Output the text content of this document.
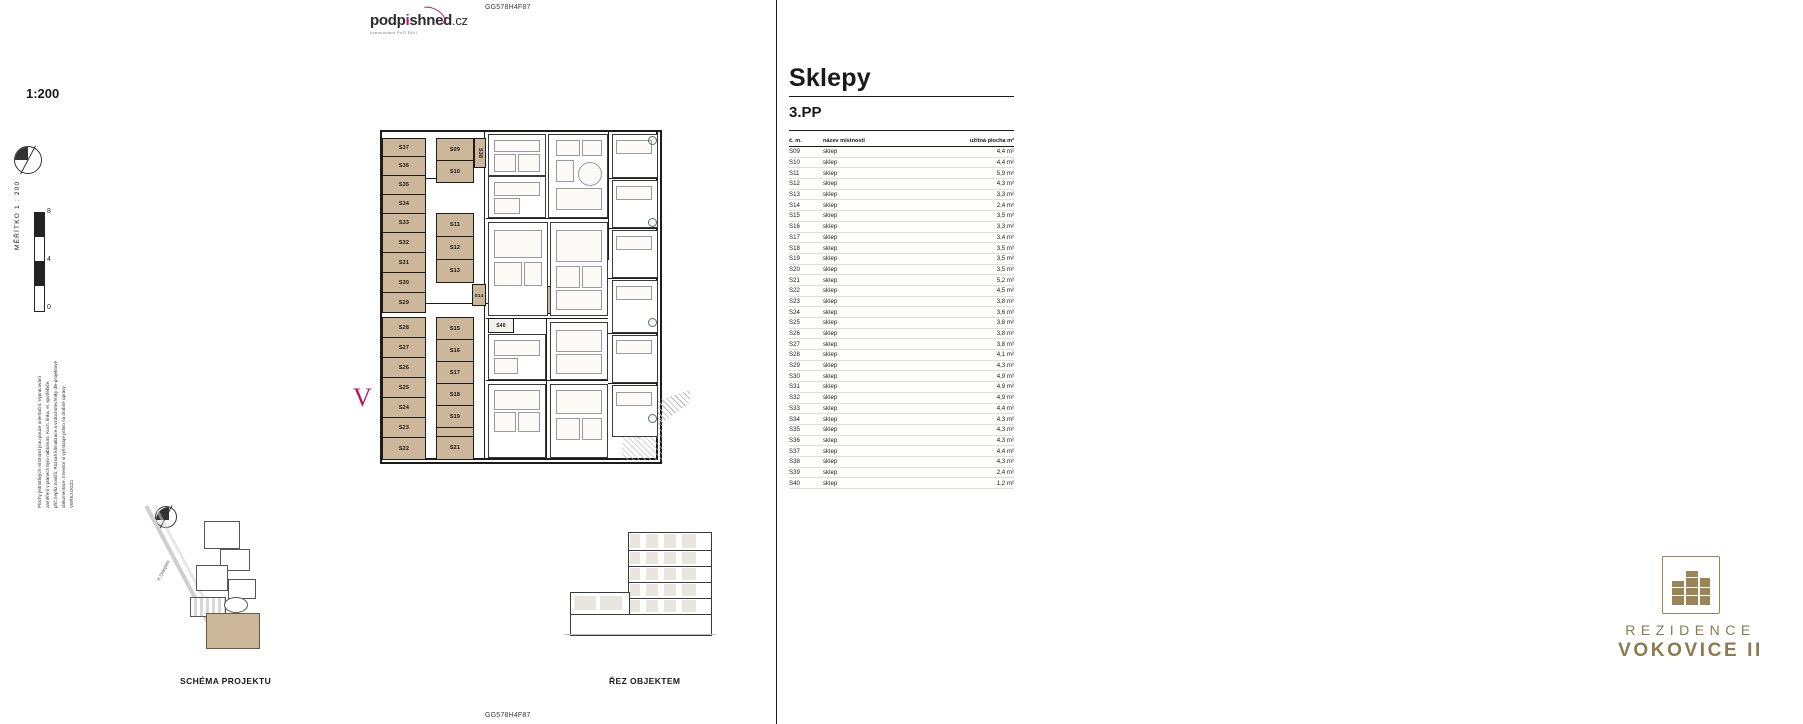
GG578H4F87
GG578H4F87
podpishned.cz
licencováno PnO DIVI
1:200
0
4
8
MĚŘÍTKO 1 : 200
Plochy jednotlivých místností jsou pouze orientační. Vypracování zaměření v plánech bylo nabídnuto. Kuch. linka, el. spotřebiče, příč.nepřiz.nosičů. Rozsah klimatizace a vzduchotechniky dle projektové dokumentace. Investor si vyhrazuje právo na drobné úpravy VEŘEJ.DGŽ1
S37
S36
S35
S34
S33
S32
S31
S30
S29
S28
S27
S26
S25
S24
S23
S22
S09
S10
S11
S12
S13
S15
S16
S17
S18
S19
S21
S38
S14
S40
V
K Dolejším
SCHÉMA PROJEKTU	ŘEZ OBJEKTEM
Sklepy
3.PP
č. m.	název místnosti	užitná plocha m²
S09	sklep	4,4 m²
S10	sklep	4,4 m²
S11	sklep	5,9 m²
S12	sklep	4,3 m²
S13	sklep	3,3 m²
S14	sklep	2,4 m²
S15	sklep	3,5 m²
S16	sklep	3,3 m²
S17	sklep	3,4 m²
S18	sklep	3,5 m²
S19	sklep	3,5 m²
S20	sklep	3,5 m²
S21	sklep	5,2 m²
S22	sklep	4,5 m²
S23	sklep	3,8 m²
S24	sklep	3,6 m²
S25	sklep	3,8 m²
S26	sklep	3,8 m²
S27	sklep	3,8 m²
S28	sklep	4,1 m²
S29	sklep	4,3 m²
S30	sklep	4,9 m²
S31	sklep	4,9 m²
S32	sklep	4,9 m²
S33	sklep	4,4 m²
S34	sklep	4,3 m²
S35	sklep	4,3 m²
S36	sklep	4,3 m²
S37	sklep	4,4 m²
S38	sklep	4,3 m²
S39	sklep	2,4 m²
S40	sklep	1,2 m²
REZIDENCE
VOKOVICE II
